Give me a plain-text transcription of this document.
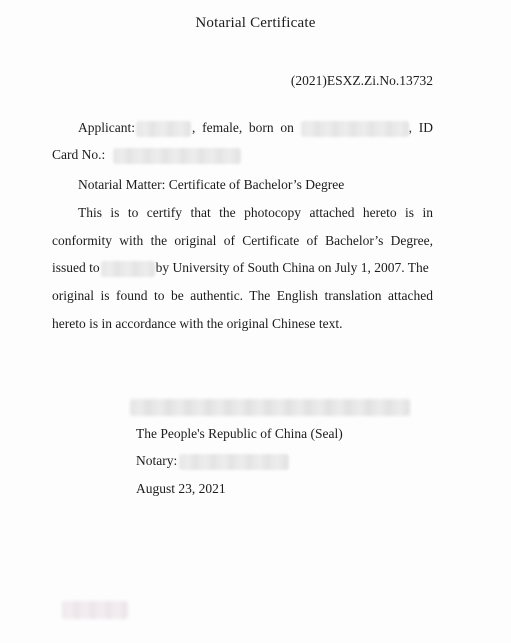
Notarial Certificate
(2021)ESXZ.Zi.No.13732
Applicant:	, female, born on	, ID
Card No.:
Notarial Matter: Certificate of Bachelor’s Degree
This is to certify that the photocopy attached hereto is in
conformity with the original of Certificate of Bachelor’s Degree,
issued to	by University of South China on July 1, 2007. The
original is found to be authentic. The English translation attached
hereto is in accordance with the original Chinese text.
The People's Republic of China (Seal)
Notary:
August 23, 2021
